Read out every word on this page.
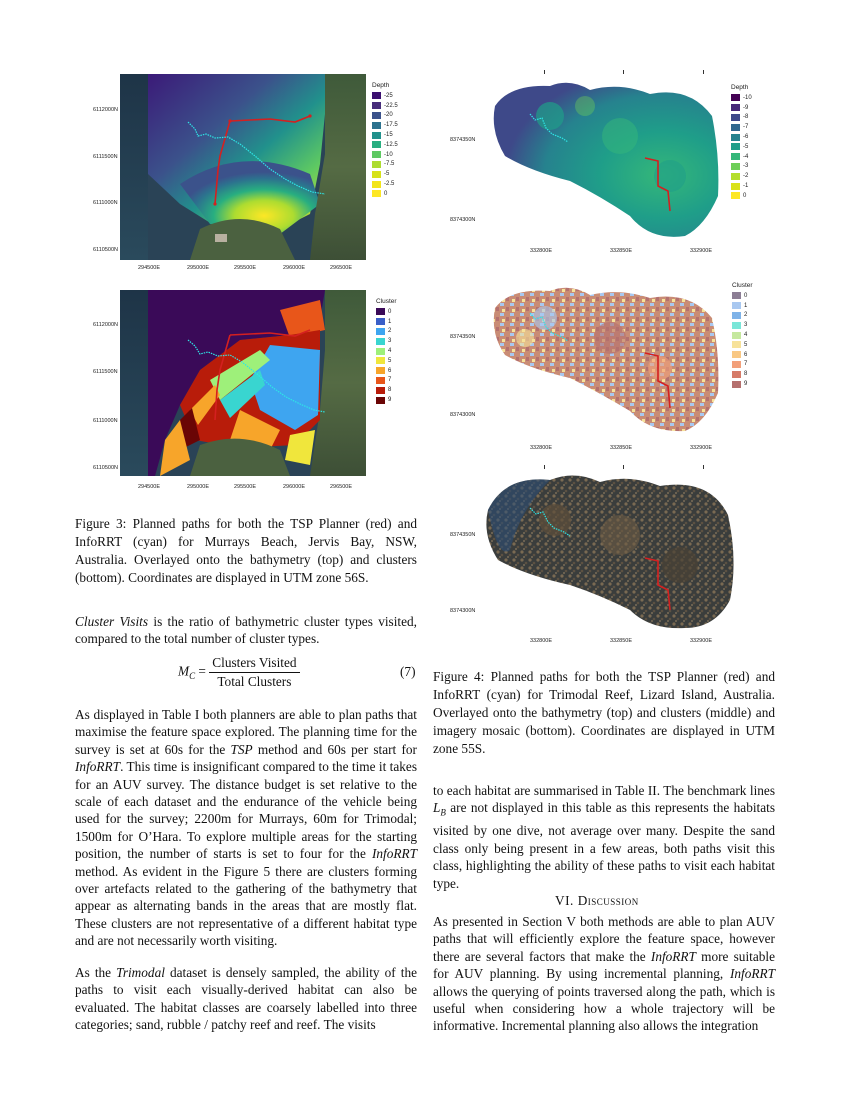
6112000N
6111500N
6111000N
6110500N
294500E	295000E	295500E	296000E	296500E
Depth
-25
-22.5
-20
-17.5
-15
-12.5
-10
-7.5
-5
-2.5
0
6112000N
6111500N
6111000N
6110500N
294500E	295000E	295500E	296000E	296500E
Cluster
0
1
2
3
4
5
6
7
8
9
8374350N
8374300N
332800E	332850E	332900E
Depth
-10
-9
-8
-7
-6
-5
-4
-3
-2
-1
0
8374350N
8374300N
332800E	332850E	332900E
Cluster
0
1
2
3
4
5
6
7
8
9
8374350N
8374300N
332800E	332850E	332900E
Figure 3: Planned paths for both the TSP Planner (red) and InfoRRT (cyan) for Murrays Beach, Jervis Bay, NSW, Australia. Overlayed onto the bathymetry (top) and clusters (bottom). Coordinates are displayed in UTM zone 56S.
Figure 4: Planned paths for both the TSP Planner (red) and InfoRRT (cyan) for Trimodal Reef, Lizard Island, Australia. Overlayed onto the bathymetry (top) and clusters (middle) and imagery mosaic (bottom). Coordinates are displayed in UTM zone 55S.

Cluster Visits is the ratio of bathymetric cluster types visited, compared to the total number of cluster types.

$M_C = \frac{\text{Clusters Visited}}{\text{Total Clusters}}$	(7)

As displayed in Table I both planners are able to plan paths that maximise the feature space explored. The planning time for the survey is set at 60s for the TSP method and 60s per start for InfoRRT. This time is insignificant compared to the time it takes for an AUV survey. The distance budget is set relative to the scale of each dataset and the endurance of the vehicle being used for the survey; 2200m for Murrays, 60m for Trimodal; 1500m for O’Hara. To explore multiple areas for the starting position, the number of starts is set to four for the InfoRRT method. As evident in the Figure 5 there are clusters forming over artefacts related to the gathering of the bathymetry that appear as alternating bands in the areas that are mostly flat. These clusters are not representative of a different habitat type and are not necessarily worth visiting.

As the Trimodal dataset is densely sampled, the ability of the paths to visit each visually-derived habitat can also be evaluated. The habitat classes are coarsely labelled into three categories; sand, rubble / patchy reef and reef. The visits

to each habitat are summarised in Table II. The benchmark lines $L_B$ are not displayed in this table as this represents the habitats visited by one dive, not average over many. Despite the sand class only being present in a few areas, both paths visit this class, highlighting the ability of these paths to visit each habitat type.

VI. Discussion

As presented in Section V both methods are able to plan AUV paths that will efficiently explore the feature space, however there are several factors that make the InfoRRT more suitable for AUV planning. By using incremental planning, InfoRRT allows the querying of points traversed along the path, which is useful when considering how a whole trajectory will be informative. Incremental planning also allows the integration
